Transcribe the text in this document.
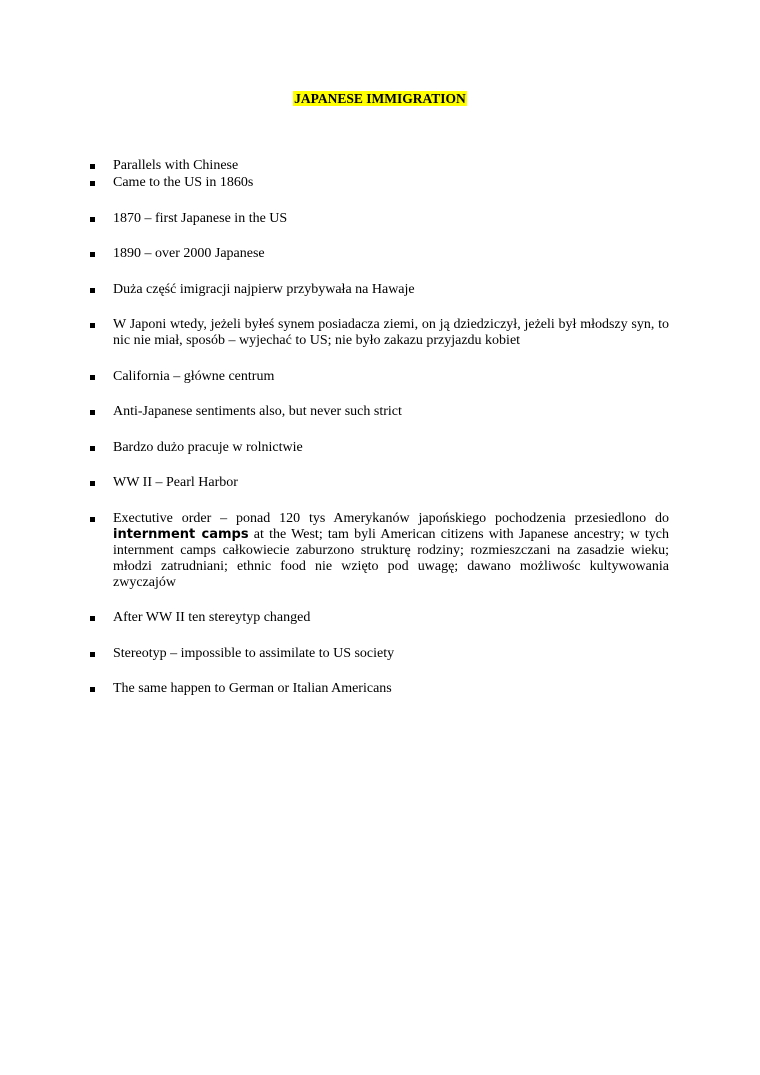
JAPANESE IMMIGRATION
Parallels with Chinese
Came to the US in 1860s
1870 – first Japanese in the US
1890 – over 2000 Japanese
Duża część imigracji najpierw przybywała na Hawaje
W Japoni wtedy, jeżeli byłeś synem posiadacza ziemi, on ją dziedziczył, jeżeli był młodszy syn, to nic nie miał, sposób – wyjechać to US; nie było zakazu przyjazdu kobiet
California – główne centrum
Anti-Japanese sentiments also, but never such strict
Bardzo dużo pracuje w rolnictwie
WW II – Pearl Harbor
Exectutive order – ponad 120 tys Amerykanów japońskiego pochodzenia przesiedlono do internment camps at the West; tam byli American citizens with Japanese ancestry; w tych internment camps całkowiecie zaburzono strukturę rodziny; rozmieszczani na zasadzie wieku; młodzi zatrudniani; ethnic food nie wzięto pod uwagę; dawano możliwośc kultywowania zwyczajów
After WW II ten stereytyp changed
Stereotyp – impossible to assimilate to US society
The same happen to German or Italian Americans
